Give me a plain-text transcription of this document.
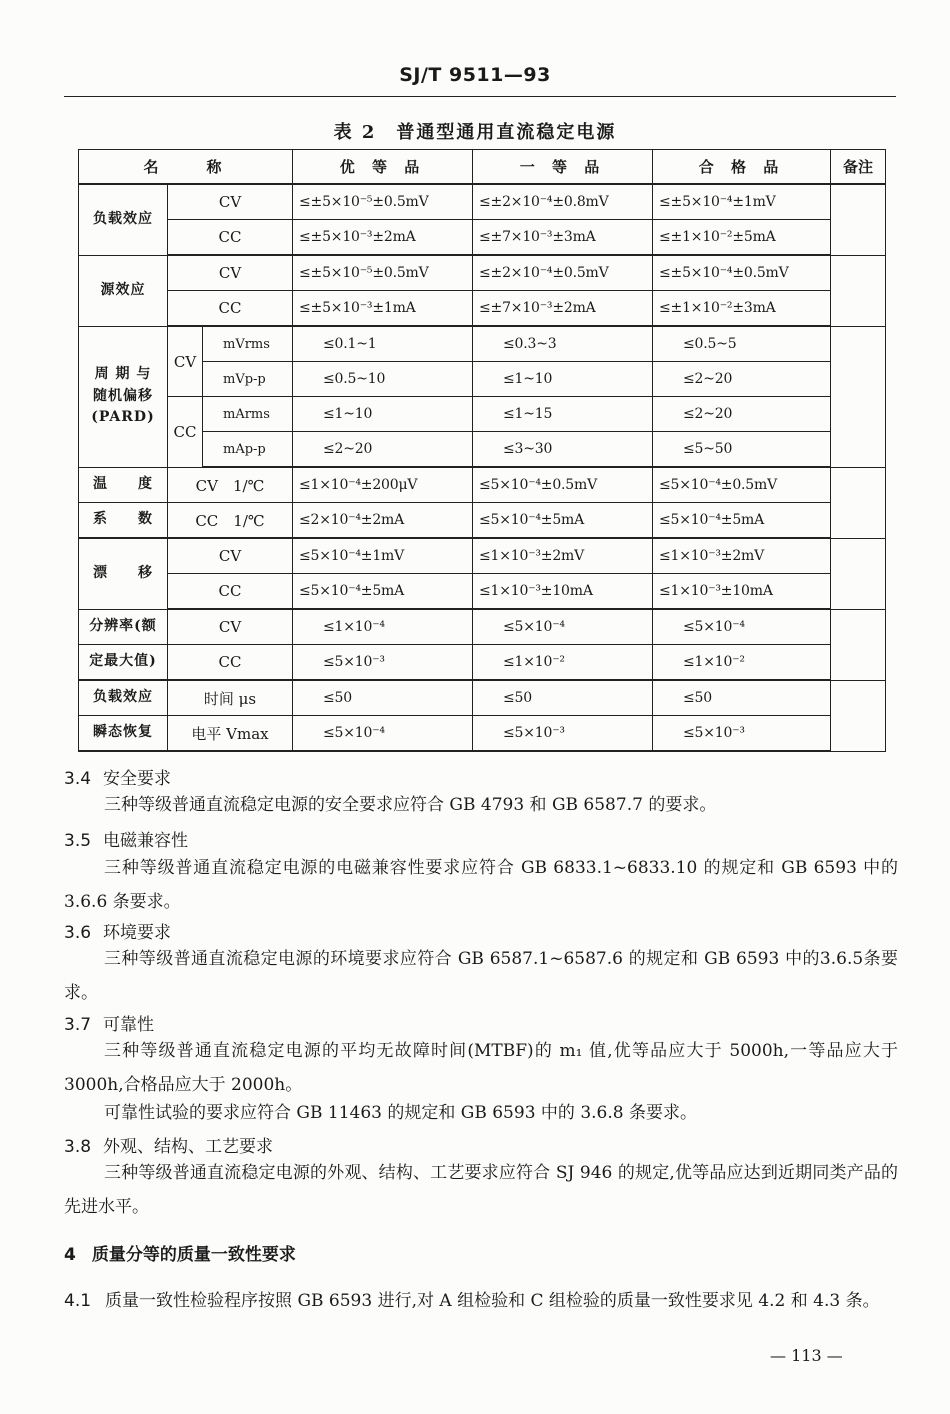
SJ/T 9511—93
表 2　普通型通用直流稳定电源
名　　称			优 等 品	一 等 品	合 格 品	备注
负载效应	CV		≤±5×10⁻⁵±0.5mV	≤±2×10⁻⁴±0.8mV	≤±5×10⁻⁴±1mV	
	CC		≤±5×10⁻³±2mA	≤±7×10⁻³±3mA	≤±1×10⁻²±5mA	
源效应	CV		≤±5×10⁻⁵±0.5mV	≤±2×10⁻⁴±0.5mV	≤±5×10⁻⁴±0.5mV	
	CC		≤±5×10⁻³±1mA	≤±7×10⁻³±2mA	≤±1×10⁻²±3mA	

周 期 与
随机偏移
(PARD)	CV	mVrms	≤0.1~1	≤0.3~3	≤0.5~5	
		mVp-p	≤0.5~10	≤1~10	≤2~20	
	CC	mArms	≤1~10	≤1~15	≤2~20	
		mAp-p	≤2~20	≤3~30	≤5~50	
温　　度	CV　1/℃		≤1×10⁻⁴±200μV	≤5×10⁻⁴±0.5mV	≤5×10⁻⁴±0.5mV	
系　　数	CC　1/℃		≤2×10⁻⁴±2mA	≤5×10⁻⁴±5mA	≤5×10⁻⁴±5mA	
漂　　移	CV		≤5×10⁻⁴±1mV	≤1×10⁻³±2mV	≤1×10⁻³±2mV	
	CC		≤5×10⁻⁴±5mA	≤1×10⁻³±10mA	≤1×10⁻³±10mA	
分辨率(额	CV		≤1×10⁻⁴	≤5×10⁻⁴	≤5×10⁻⁴	
定最大值)	CC		≤5×10⁻³	≤1×10⁻²	≤1×10⁻²	
负载效应	时间 μs		≤50	≤50	≤50	
瞬态恢复	电平 Vmax		≤5×10⁻⁴	≤5×10⁻³	≤5×10⁻³	
3.4 安全要求
三种等级普通直流稳定电源的安全要求应符合 GB 4793 和 GB 6587.7 的要求。
3.5 电磁兼容性
三种等级普通直流稳定电源的电磁兼容性要求应符合 GB 6833.1~6833.10 的规定和 GB 6593 中的 3.6.6 条要求。
3.6 环境要求
三种等级普通直流稳定电源的环境要求应符合 GB 6587.1~6587.6 的规定和 GB 6593 中的3.6.5条要求。
3.7 可靠性
三种等级普通直流稳定电源的平均无故障时间(MTBF)的 m₁ 值,优等品应大于 5000h,一等品应大于 3000h,合格品应大于 2000h。
可靠性试验的要求应符合 GB 11463 的规定和 GB 6593 中的 3.6.8 条要求。
3.8 外观、结构、工艺要求
三种等级普通直流稳定电源的外观、结构、工艺要求应符合 SJ 946 的规定,优等品应达到近期同类产品的先进水平。
4 质量分等的质量一致性要求
4.1 质量一致性检验程序按照 GB 6593 进行,对 A 组检验和 C 组检验的质量一致性要求见 4.2 和 4.3 条。
— 113 —
